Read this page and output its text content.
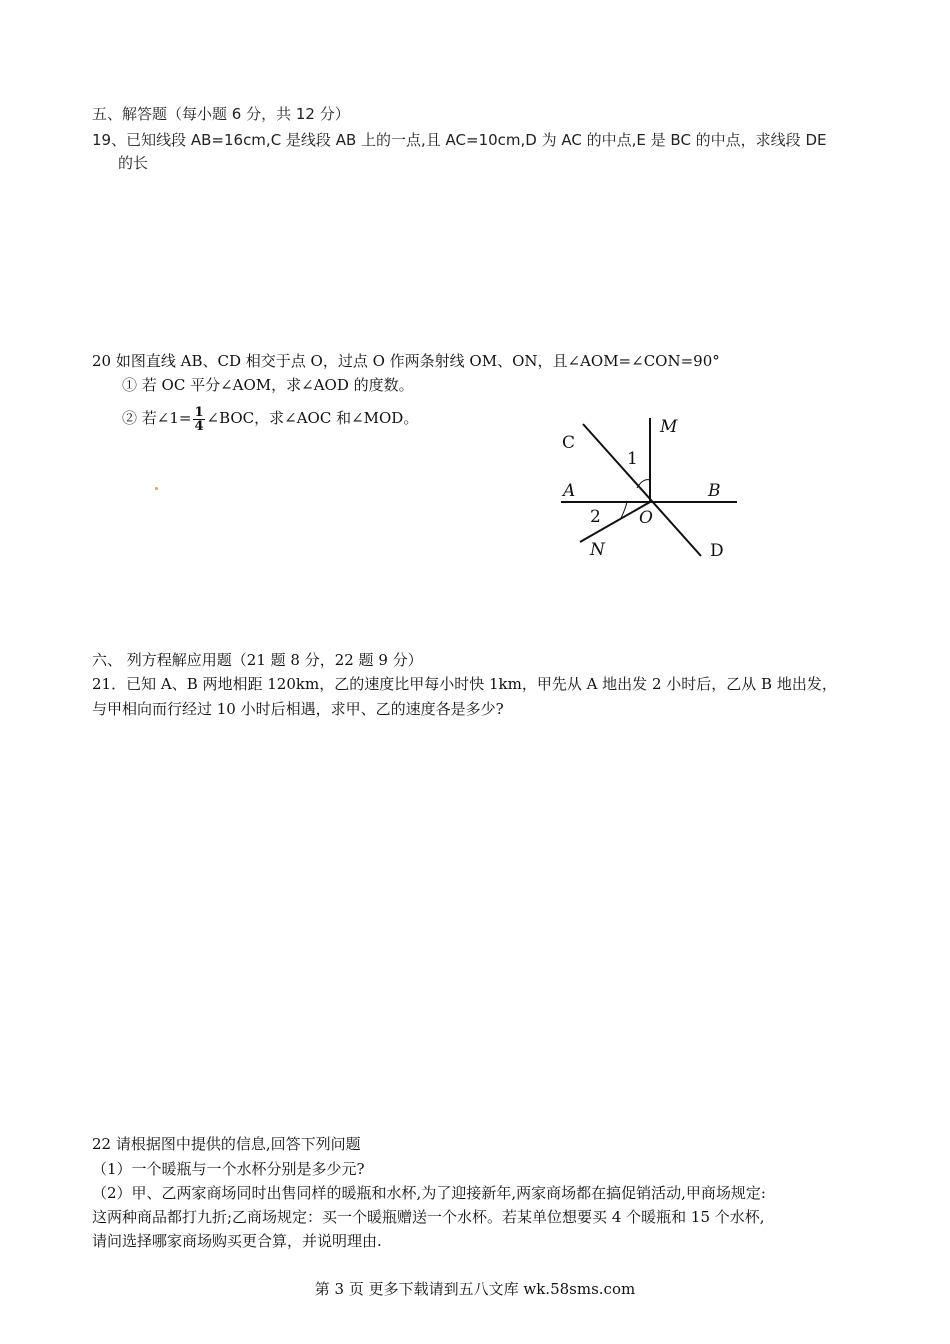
五、解答题（每小题 6 分，共 12 分）
19、已知线段 AB=16cm,C 是线段 AB 上的一点,且 AC=10cm,D 为 AC 的中点,E 是 BC 的中点，求线段 DE
的长
20 如图直线 AB、CD 相交于点 O，过点 O 作两条射线 OM、ON，且∠AOM=∠CON=90°
① 若 OC 平分∠AOM，求∠AOD 的度数。
② 若∠1= $\frac{1}{4}$ ∠BOC，求∠AOC 和∠MOD。
C
M
1
A	B
2 O
N	D
六、 列方程解应用题（21 题 8 分，22 题 9 分）
21．已知 A、B 两地相距 120km，乙的速度比甲每小时快 1km，甲先从 A 地出发 2 小时后，乙从 B 地出发，
与甲相向而行经过 10 小时后相遇，求甲、乙的速度各是多少?
22 请根据图中提供的信息,回答下列问题
（1）一个暖瓶与一个水杯分别是多少元?
（2）甲、乙两家商场同时出售同样的暖瓶和水杯,为了迎接新年,两家商场都在搞促销活动,甲商场规定:
这两种商品都打九折;乙商场规定：买一个暖瓶赠送一个水杯。若某单位想要买 4 个暖瓶和 15 个水杯,
请问选择哪家商场购买更合算，并说明理由.
第 3 页 更多下载请到五八文库 wk.58sms.com
